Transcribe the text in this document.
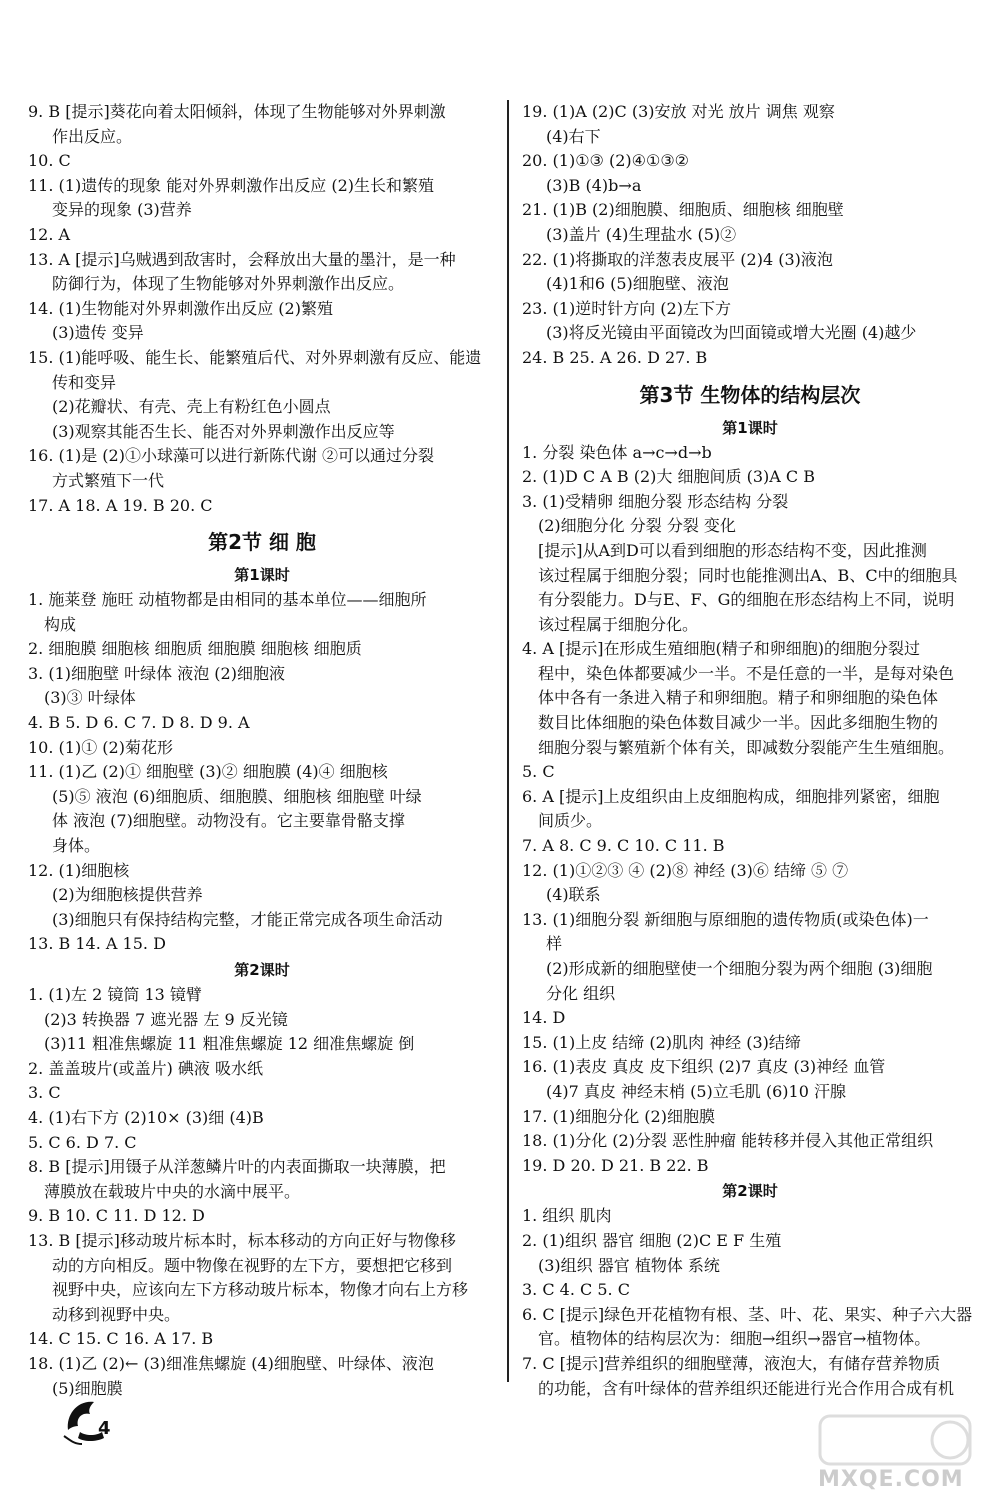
9. B [提示]葵花向着太阳倾斜，体现了生物能够对外界刺激
作出反应。
10. C
11. (1)遗传的现象 能对外界刺激作出反应 (2)生长和繁殖
变异的现象 (3)营养
12. A
13. A [提示]乌贼遇到敌害时，会释放出大量的墨汁，是一种
防御行为，体现了生物能够对外界刺激作出反应。
14. (1)生物能对外界刺激作出反应 (2)繁殖
(3)遗传 变异
15. (1)能呼吸、能生长、能繁殖后代、对外界刺激有反应、能遗
传和变异
(2)花瓣状、有壳、壳上有粉红色小圆点
(3)观察其能否生长、能否对外界刺激作出反应等
16. (1)是 (2)①小球藻可以进行新陈代谢 ②可以通过分裂
方式繁殖下一代
17. A 18. A 19. B 20. C
第2节 细 胞
第1课时
1. 施莱登 施旺 动植物都是由相同的基本单位——细胞所
构成
2. 细胞膜 细胞核 细胞质 细胞膜 细胞核 细胞质
3. (1)细胞壁 叶绿体 液泡 (2)细胞液
(3)③ 叶绿体
4. B 5. D 6. C 7. D 8. D 9. A
10. (1)① (2)菊花形
11. (1)乙 (2)① 细胞壁 (3)② 细胞膜 (4)④ 细胞核
(5)⑤ 液泡 (6)细胞质、细胞膜、细胞核 细胞壁 叶绿
体 液泡 (7)细胞壁。动物没有。它主要靠骨骼支撑
身体。
12. (1)细胞核
(2)为细胞核提供营养
(3)细胞只有保持结构完整，才能正常完成各项生命活动
13. B 14. A 15. D
第2课时
1. (1)左 2 镜筒 13 镜臂
(2)3 转换器 7 遮光器 左 9 反光镜
(3)11 粗准焦螺旋 11 粗准焦螺旋 12 细准焦螺旋 倒
2. 盖盖玻片(或盖片) 碘液 吸水纸
3. C
4. (1)右下方 (2)10× (3)细 (4)B
5. C 6. D 7. C
8. B [提示]用镊子从洋葱鳞片叶的内表面撕取一块薄膜，把
薄膜放在载玻片中央的水滴中展平。
9. B 10. C 11. D 12. D
13. B [提示]移动玻片标本时，标本移动的方向正好与物像移
动的方向相反。题中物像在视野的左下方，要想把它移到
视野中央，应该向左下方移动玻片标本，物像才向右上方移
动移到视野中央。
14. C 15. C 16. A 17. B
18. (1)乙 (2)← (3)细准焦螺旋 (4)细胞壁、叶绿体、液泡
(5)细胞膜
19. (1)A (2)C (3)安放 对光 放片 调焦 观察
(4)右下
20. (1)①③ (2)④①③②
(3)B (4)b→a
21. (1)B (2)细胞膜、细胞质、细胞核 细胞壁
(3)盖片 (4)生理盐水 (5)②
22. (1)将撕取的洋葱表皮展平 (2)4 (3)液泡
(4)1和6 (5)细胞壁、液泡
23. (1)逆时针方向 (2)左下方
(3)将反光镜由平面镜改为凹面镜或增大光圈 (4)越少
24. B 25. A 26. D 27. B
第3节 生物体的结构层次
第1课时
1. 分裂 染色体 a→c→d→b
2. (1)D C A B (2)大 细胞间质 (3)A C B
3. (1)受精卵 细胞分裂 形态结构 分裂
(2)细胞分化 分裂 分裂 变化
[提示]从A到D可以看到细胞的形态结构不变，因此推测
该过程属于细胞分裂；同时也能推测出A、B、C中的细胞具
有分裂能力。D与E、F、G的细胞在形态结构上不同，说明
该过程属于细胞分化。
4. A [提示]在形成生殖细胞(精子和卵细胞)的细胞分裂过
程中，染色体都要减少一半。不是任意的一半，是每对染色
体中各有一条进入精子和卵细胞。精子和卵细胞的染色体
数目比体细胞的染色体数目减少一半。因此多细胞生物的
细胞分裂与繁殖新个体有关，即减数分裂能产生生殖细胞。
5. C
6. A [提示]上皮组织由上皮细胞构成，细胞排列紧密，细胞
间质少。
7. A 8. C 9. C 10. C 11. B
12. (1)①②③ ④ (2)⑧ 神经 (3)⑥ 结缔 ⑤ ⑦
(4)联系
13. (1)细胞分裂 新细胞与原细胞的遗传物质(或染色体)一
样
(2)形成新的细胞壁使一个细胞分裂为两个细胞 (3)细胞
分化 组织
14. D
15. (1)上皮 结缔 (2)肌肉 神经 (3)结缔
16. (1)表皮 真皮 皮下组织 (2)7 真皮 (3)神经 血管
(4)7 真皮 神经末梢 (5)立毛肌 (6)10 汗腺
17. (1)细胞分化 (2)细胞膜
18. (1)分化 (2)分裂 恶性肿瘤 能转移并侵入其他正常组织
19. D 20. D 21. B 22. B
第2课时
1. 组织 肌肉
2. (1)组织 器官 细胞 (2)C E F 生殖
(3)组织 器官 植物体 系统
3. C 4. C 5. C
6. C [提示]绿色开花植物有根、茎、叶、花、果实、种子六大器
官。植物体的结构层次为：细胞→组织→器官→植物体。
7. C [提示]营养组织的细胞壁薄，液泡大，有储存营养物质
的功能，含有叶绿体的营养组织还能进行光合作用合成有机
4
MXQE.COM
